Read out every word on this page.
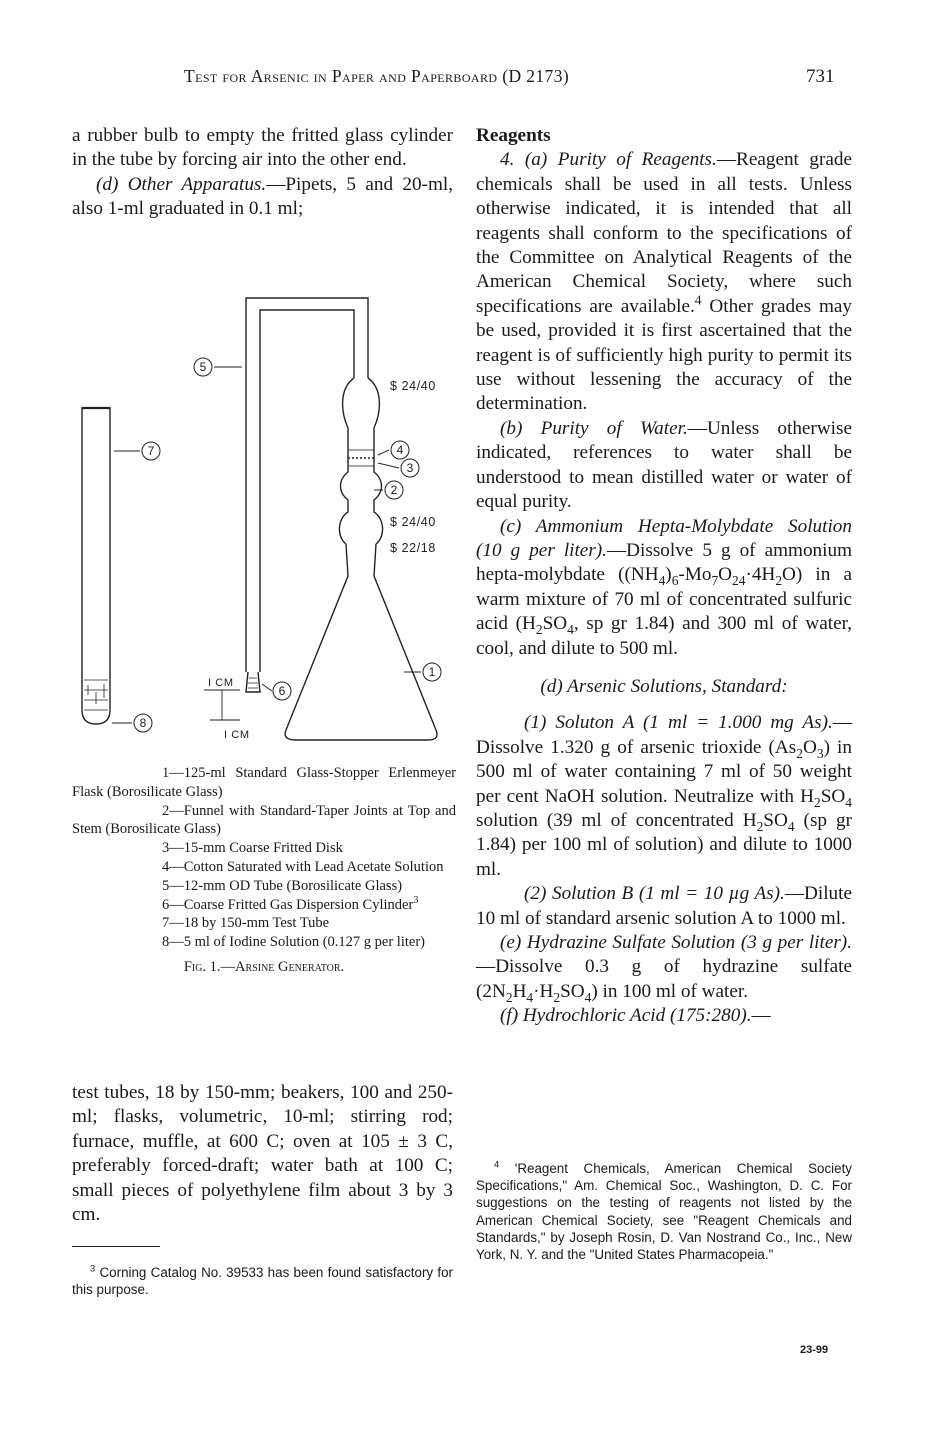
Test for Arsenic in Paper and Paperboard (D 2173)	731

a rubber bulb to empty the fritted glass cylinder in the tube by forcing air into the other end.

(d) Other Apparatus.—Pipets, 5 and 20-ml, also 1-ml graduated in 0.1 ml;

5
7	4
3
2
1
6
8
$ 24/40
$ 24/40
$ 22/18
I CM
I CM

1—125-ml Standard Glass-Stopper Erlenmeyer Flask (Borosilicate Glass)

2—Funnel with Standard-Taper Joints at Top and Stem (Borosilicate Glass)

3—15-mm Coarse Fritted Disk

4—Cotton Saturated with Lead Acetate Solution

5—12-mm OD Tube (Borosilicate Glass)

6—Coarse Fritted Gas Dispersion Cylinder$^3$

7—18 by 150-mm Test Tube

8—5 ml of Iodine Solution (0.127 g per liter)

Fig. 1.—Arsine Generator.

test tubes, 18 by 150-mm; beakers, 100 and 250-ml; flasks, volumetric, 10-ml; stirring rod; furnace, muffle, at 600 C; oven at 105 ± 3 C, preferably forced-draft; water bath at 100 C; small pieces of polyethylene film about 3 by 3 cm.

$^3$ Corning Catalog No. 39533 has been found satisfactory for this purpose.

Reagents

4. (a) Purity of Reagents.—Reagent grade chemicals shall be used in all tests. Unless otherwise indicated, it is intended that all reagents shall conform to the specifications of the Committee on Analytical Reagents of the American Chemical Society, where such specifications are available.$^4$ Other grades may be used, provided it is first ascertained that the reagent is of sufficiently high purity to permit its use without lessening the accuracy of the determination.

(b) Purity of Water.—Unless otherwise indicated, references to water shall be understood to mean distilled water or water of equal purity.

(c) Ammonium Hepta-Molybdate Solution (10 g per liter).—Dissolve 5 g of ammonium hepta-molybdate $((NH_4)_6-Mo_7O_{24}\cdot 4H_2O)$ in a warm mixture of 70 ml of concentrated sulfuric acid ($H_2SO_4$, sp gr 1.84) and 300 ml of water, cool, and dilute to 500 ml.

(d) Arsenic Solutions, Standard:

(1) Soluton A (1 ml = 1.000 mg As).—Dissolve 1.320 g of arsenic trioxide $(As_2O_3)$ in 500 ml of water containing 7 ml of 50 weight per cent NaOH solution. Neutralize with $H_2SO_4$ solution (39 ml of concentrated $H_2SO_4$ (sp gr 1.84) per 100 ml of solution) and dilute to 1000 ml.

(2) Solution B (1 ml = 10 µg As).—Dilute 10 ml of standard arsenic solution A to 1000 ml.

(e) Hydrazine Sulfate Solution (3 g per liter).—Dissolve 0.3 g of hydrazine sulfate $(2N_2H_4\cdot H_2SO_4)$ in 100 ml of water.

(f) Hydrochloric Acid (175:280).—

$^4$ 'Reagent Chemicals, American Chemical Society Specifications," Am. Chemical Soc., Washington, D. C. For suggestions on the testing of reagents not listed by the American Chemical Society, see "Reagent Chemicals and Standards," by Joseph Rosin, D. Van Nostrand Co., Inc., New York, N. Y. and the "United States Pharmacopeia."

23-99
